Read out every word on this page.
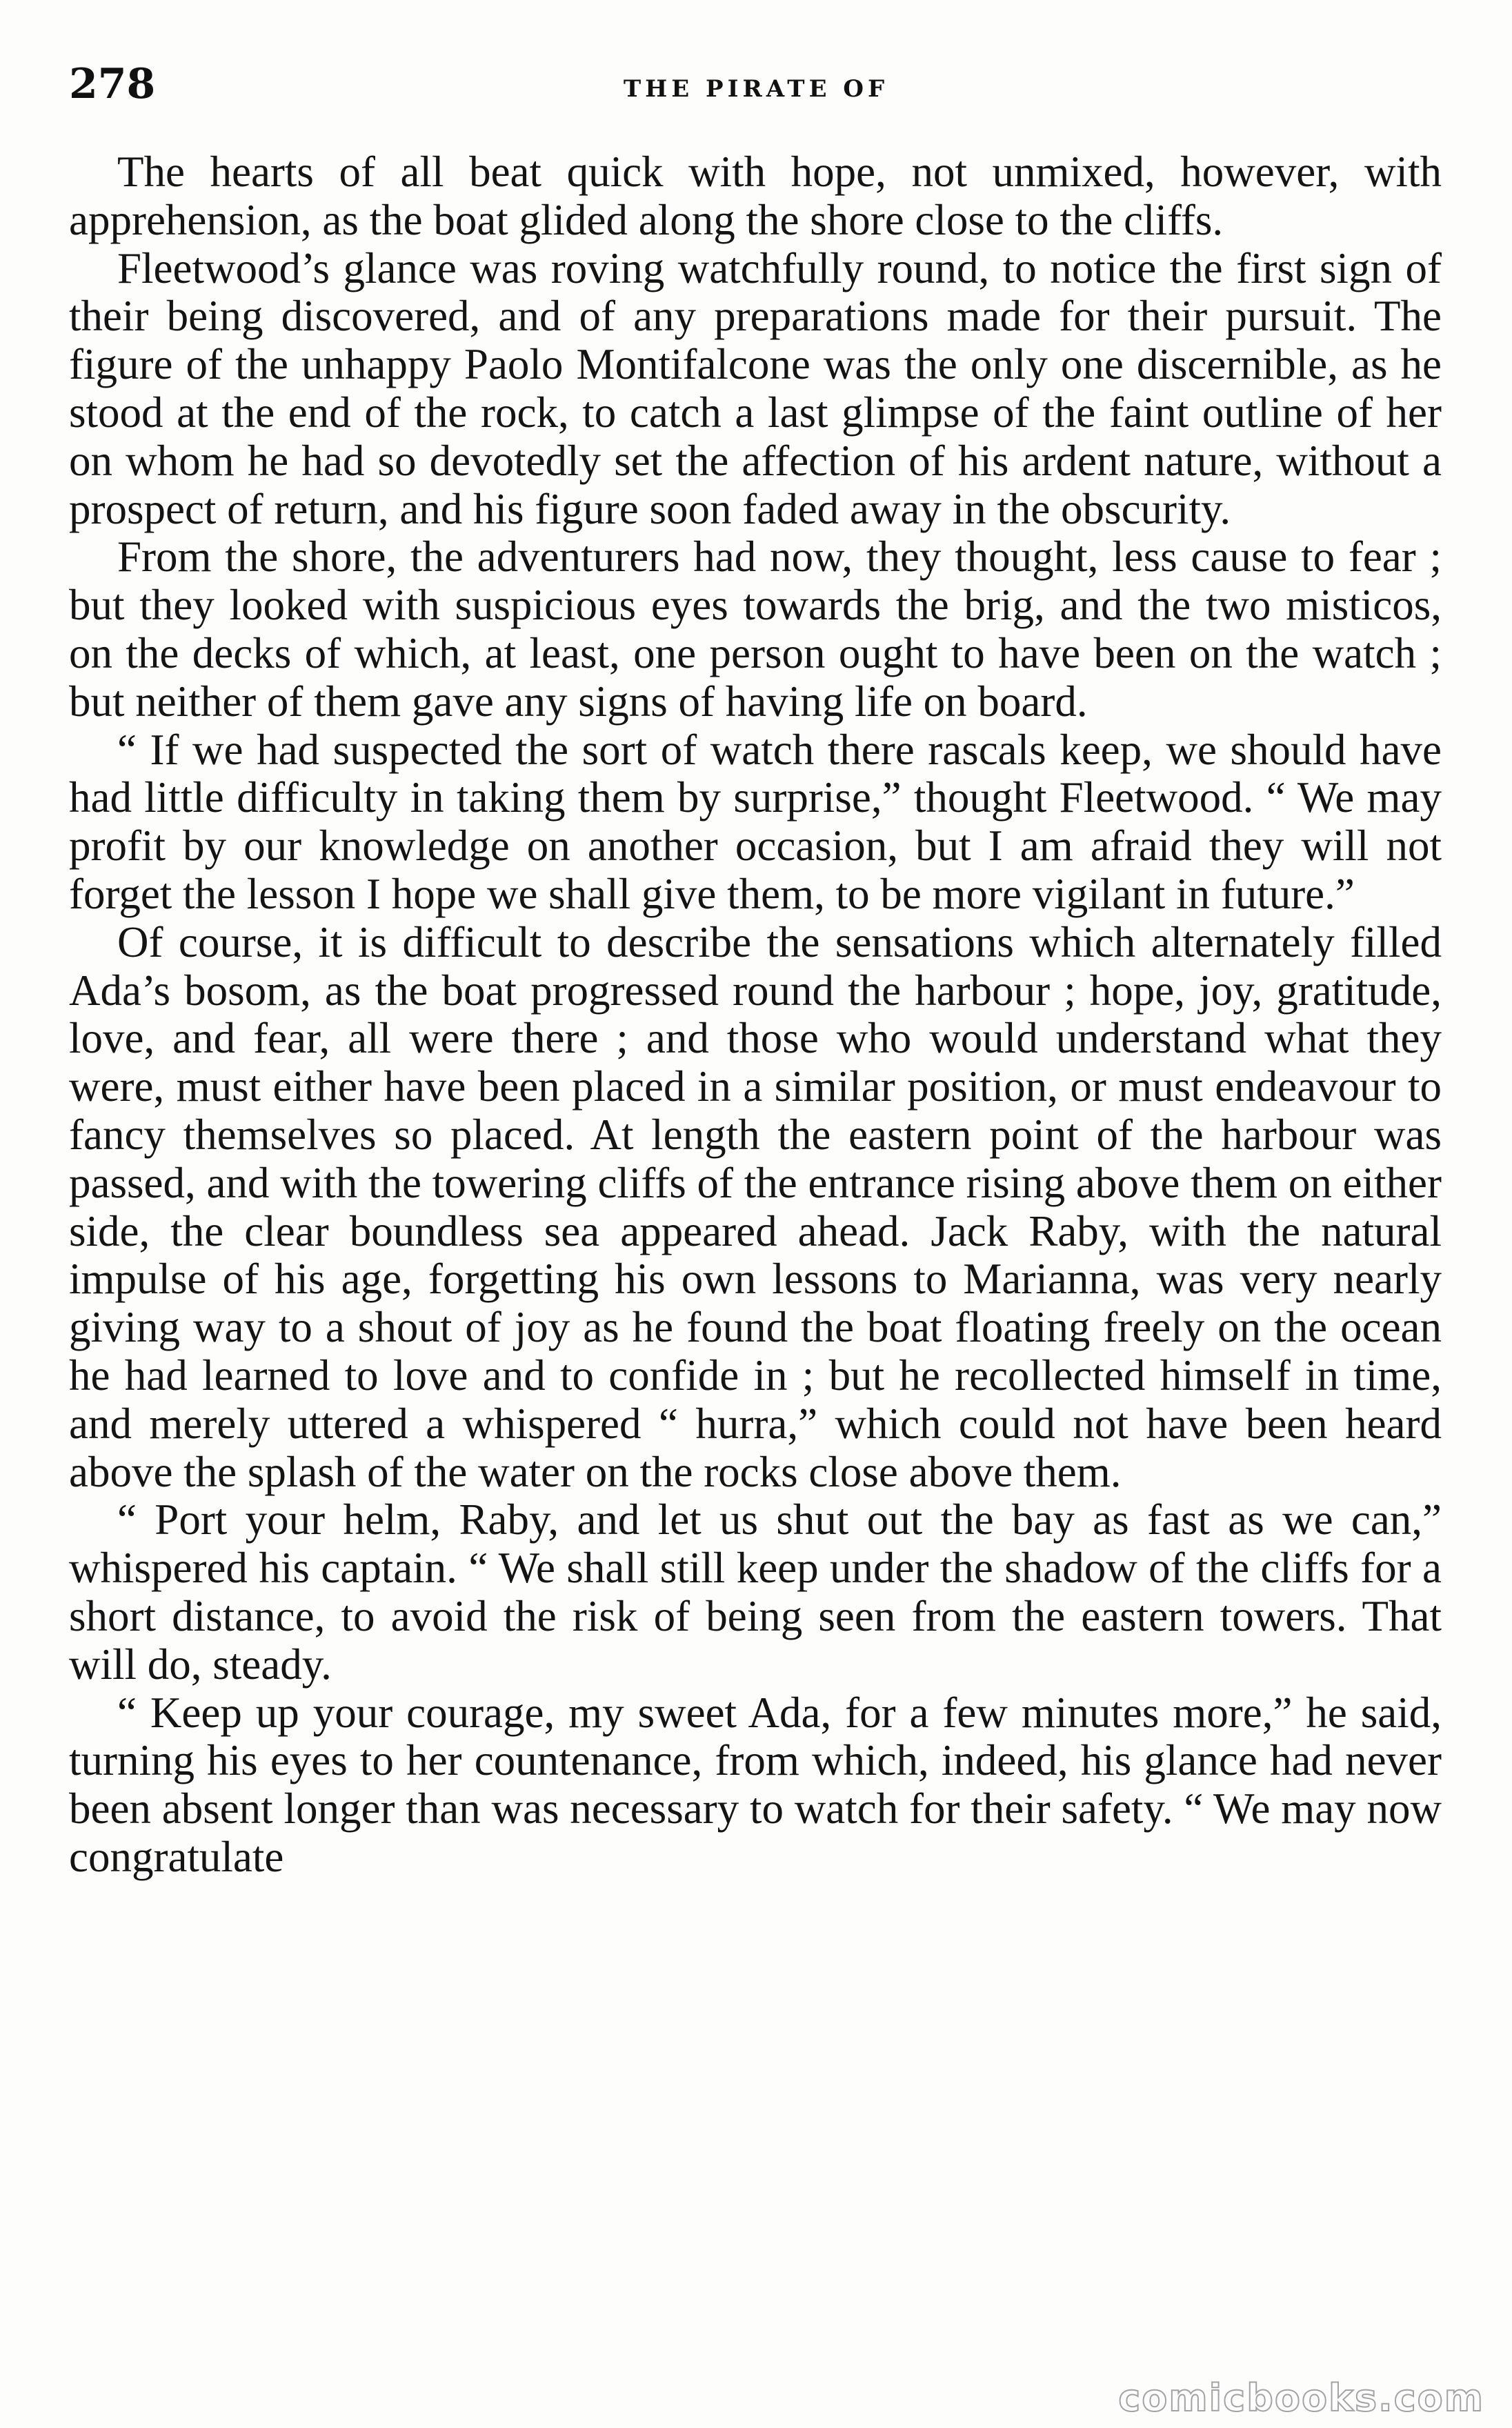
278	THE PIRATE OF

The hearts of all beat quick with hope, not unmixed, however, with apprehension, as the boat glided along the shore close to the cliffs.

Fleetwood’s glance was roving watchfully round, to notice the first sign of their being discovered, and of any preparations made for their pursuit. The figure of the unhappy Paolo Montifalcone was the only one discernible, as he stood at the end of the rock, to catch a last glimpse of the faint outline of her on whom he had so devotedly set the affection of his ardent nature, without a prospect of return, and his figure soon faded away in the obscurity.

From the shore, the adventurers had now, they thought, less cause to fear ; but they looked with suspicious eyes towards the brig, and the two misticos, on the decks of which, at least, one person ought to have been on the watch ; but neither of them gave any signs of having life on board.

“ If we had suspected the sort of watch there rascals keep, we should have had little difficulty in taking them by surprise,” thought Fleetwood. “ We may profit by our knowledge on another occasion, but I am afraid they will not forget the lesson I hope we shall give them, to be more vigilant in future.”

Of course, it is difficult to describe the sensations which alternately filled Ada’s bosom, as the boat progressed round the harbour ; hope, joy, gratitude, love, and fear, all were there ; and those who would understand what they were, must either have been placed in a similar position, or must endeavour to fancy themselves so placed. At length the eastern point of the harbour was passed, and with the towering cliffs of the entrance rising above them on either side, the clear boundless sea appeared ahead. Jack Raby, with the natural impulse of his age, forgetting his own lessons to Marianna, was very nearly giving way to a shout of joy as he found the boat floating freely on the ocean he had learned to love and to confide in ; but he recollected himself in time, and merely uttered a whispered “ hurra,” which could not have been heard above the splash of the water on the rocks close above them.

“ Port your helm, Raby, and let us shut out the bay as fast as we can,” whispered his captain. “ We shall still keep under the shadow of the cliffs for a short distance, to avoid the risk of being seen from the eastern towers. That will do, steady.

“ Keep up your courage, my sweet Ada, for a few minutes more,” he said, turning his eyes to her countenance, from which, indeed, his glance had never been absent longer than was necessary to watch for their safety. “ We may now congratulate

comicbooks.com
